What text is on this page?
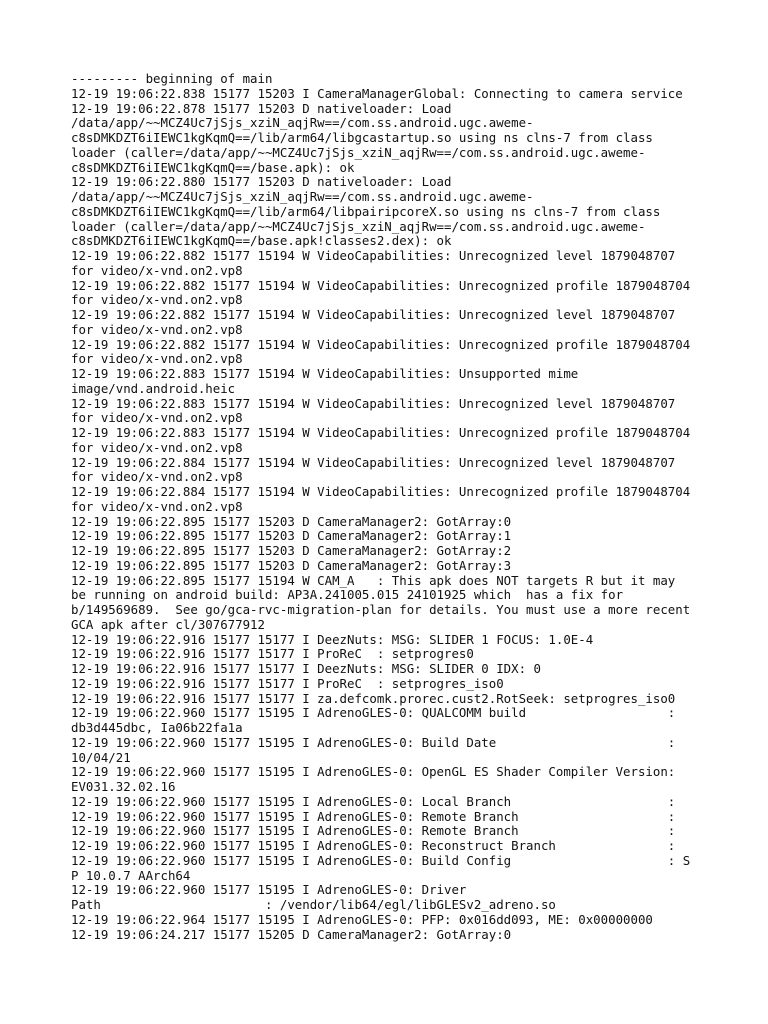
--------- beginning of main
12-19 19:06:22.838 15177 15203 I CameraManagerGlobal: Connecting to camera service
12-19 19:06:22.878 15177 15203 D nativeloader: Load
/data/app/~~MCZ4Uc7jSjs_xziN_aqjRw==/com.ss.android.ugc.aweme-
c8sDMKDZT6iIEWC1kgKqmQ==/lib/arm64/libgcastartup.so using ns clns-7 from class
loader (caller=/data/app/~~MCZ4Uc7jSjs_xziN_aqjRw==/com.ss.android.ugc.aweme-
c8sDMKDZT6iIEWC1kgKqmQ==/base.apk): ok
12-19 19:06:22.880 15177 15203 D nativeloader: Load
/data/app/~~MCZ4Uc7jSjs_xziN_aqjRw==/com.ss.android.ugc.aweme-
c8sDMKDZT6iIEWC1kgKqmQ==/lib/arm64/libpairipcoreX.so using ns clns-7 from class
loader (caller=/data/app/~~MCZ4Uc7jSjs_xziN_aqjRw==/com.ss.android.ugc.aweme-
c8sDMKDZT6iIEWC1kgKqmQ==/base.apk!classes2.dex): ok
12-19 19:06:22.882 15177 15194 W VideoCapabilities: Unrecognized level 1879048707
for video/x-vnd.on2.vp8
12-19 19:06:22.882 15177 15194 W VideoCapabilities: Unrecognized profile 1879048704
for video/x-vnd.on2.vp8
12-19 19:06:22.882 15177 15194 W VideoCapabilities: Unrecognized level 1879048707
for video/x-vnd.on2.vp8
12-19 19:06:22.882 15177 15194 W VideoCapabilities: Unrecognized profile 1879048704
for video/x-vnd.on2.vp8
12-19 19:06:22.883 15177 15194 W VideoCapabilities: Unsupported mime
image/vnd.android.heic
12-19 19:06:22.883 15177 15194 W VideoCapabilities: Unrecognized level 1879048707
for video/x-vnd.on2.vp8
12-19 19:06:22.883 15177 15194 W VideoCapabilities: Unrecognized profile 1879048704
for video/x-vnd.on2.vp8
12-19 19:06:22.884 15177 15194 W VideoCapabilities: Unrecognized level 1879048707
for video/x-vnd.on2.vp8
12-19 19:06:22.884 15177 15194 W VideoCapabilities: Unrecognized profile 1879048704
for video/x-vnd.on2.vp8
12-19 19:06:22.895 15177 15203 D CameraManager2: GotArray:0
12-19 19:06:22.895 15177 15203 D CameraManager2: GotArray:1
12-19 19:06:22.895 15177 15203 D CameraManager2: GotArray:2
12-19 19:06:22.895 15177 15203 D CameraManager2: GotArray:3
12-19 19:06:22.895 15177 15194 W CAM_A   : This apk does NOT targets R but it may
be running on android build: AP3A.241005.015 24101925 which  has a fix for
b/149569689.  See go/gca-rvc-migration-plan for details. You must use a more recent
GCA apk after cl/307677912
12-19 19:06:22.916 15177 15177 I DeezNuts: MSG: SLIDER 1 FOCUS: 1.0E-4
12-19 19:06:22.916 15177 15177 I ProReC  : setprogres0
12-19 19:06:22.916 15177 15177 I DeezNuts: MSG: SLIDER 0 IDX: 0
12-19 19:06:22.916 15177 15177 I ProReC  : setprogres_iso0
12-19 19:06:22.916 15177 15177 I za.defcomk.prorec.cust2.RotSeek: setprogres_iso0
12-19 19:06:22.960 15177 15195 I AdrenoGLES-0: QUALCOMM build                   :
db3d445dbc, Ia06b22fa1a
12-19 19:06:22.960 15177 15195 I AdrenoGLES-0: Build Date                       :
10/04/21
12-19 19:06:22.960 15177 15195 I AdrenoGLES-0: OpenGL ES Shader Compiler Version:
EV031.32.02.16
12-19 19:06:22.960 15177 15195 I AdrenoGLES-0: Local Branch                     :
12-19 19:06:22.960 15177 15195 I AdrenoGLES-0: Remote Branch                    :
12-19 19:06:22.960 15177 15195 I AdrenoGLES-0: Remote Branch                    :
12-19 19:06:22.960 15177 15195 I AdrenoGLES-0: Reconstruct Branch               :
12-19 19:06:22.960 15177 15195 I AdrenoGLES-0: Build Config                     : S
P 10.0.7 AArch64
12-19 19:06:22.960 15177 15195 I AdrenoGLES-0: Driver
Path                      : /vendor/lib64/egl/libGLESv2_adreno.so
12-19 19:06:22.964 15177 15195 I AdrenoGLES-0: PFP: 0x016dd093, ME: 0x00000000
12-19 19:06:24.217 15177 15205 D CameraManager2: GotArray:0
